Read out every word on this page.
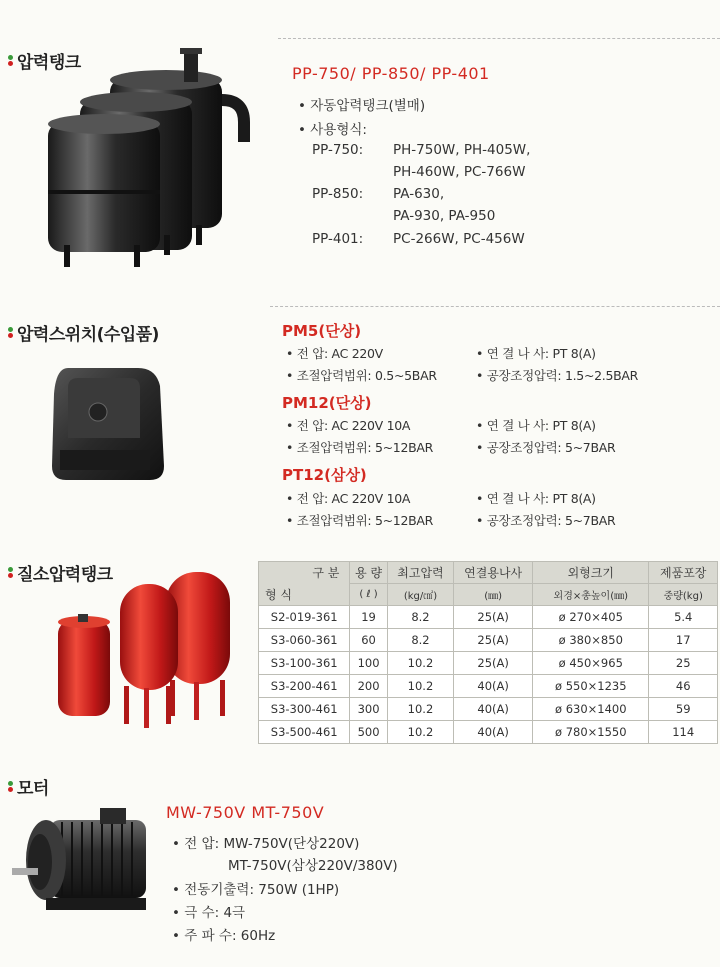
압력탱크
PP-750/ PP-850/ PP-401
• 자동압력탱크(별매)
• 사용형식:
PP-750: PH-750W, PH-405W,
PH-460W, PC-766W
PP-850: PA-630,
PA-930, PA-950
PP-401: PC-266W, PC-456W
압력스위치(수입품)	PM5(단상)
• 전 압: AC 220V	• 연 결 나 사: PT 8(A)
• 조절압력범위: 0.5~5BAR	• 공장조정압력: 1.5~2.5BAR
PM12(단상)
• 전 압: AC 220V 10A	• 연 결 나 사: PT 8(A)
• 조절압력범위: 5~12BAR	• 공장조정압력: 5~7BAR
PT12(삼상)
• 전 압: AC 220V 10A	• 연 결 나 사: PT 8(A)
• 조절압력범위: 5~12BAR	• 공장조정압력: 5~7BAR
질소압력탱크	구 분	용 량	최고압력	연결용나사	외형크기	제품포장
형 식	( ℓ )	(kg/㎠)	(㎜)	외경×총높이(㎜)	중량(kg)
S2-019-361	19	8.2	25(A)	ø 270×405	5.4
S3-060-361	60	8.2	25(A)	ø 380×850	17
S3-100-361	100	10.2	25(A)	ø 450×965	25
S3-200-461	200	10.2	40(A)	ø 550×1235	46
S3-300-461	300	10.2	40(A)	ø 630×1400	59
S3-500-461	500	10.2	40(A)	ø 780×1550	114
모터
MW-750V MT-750V
• 전 압: MW-750V(단상220V)
MT-750V(삼상220V/380V)
• 전동기출력: 750W (1HP)
• 극 수: 4극
• 주 파 수: 60Hz
